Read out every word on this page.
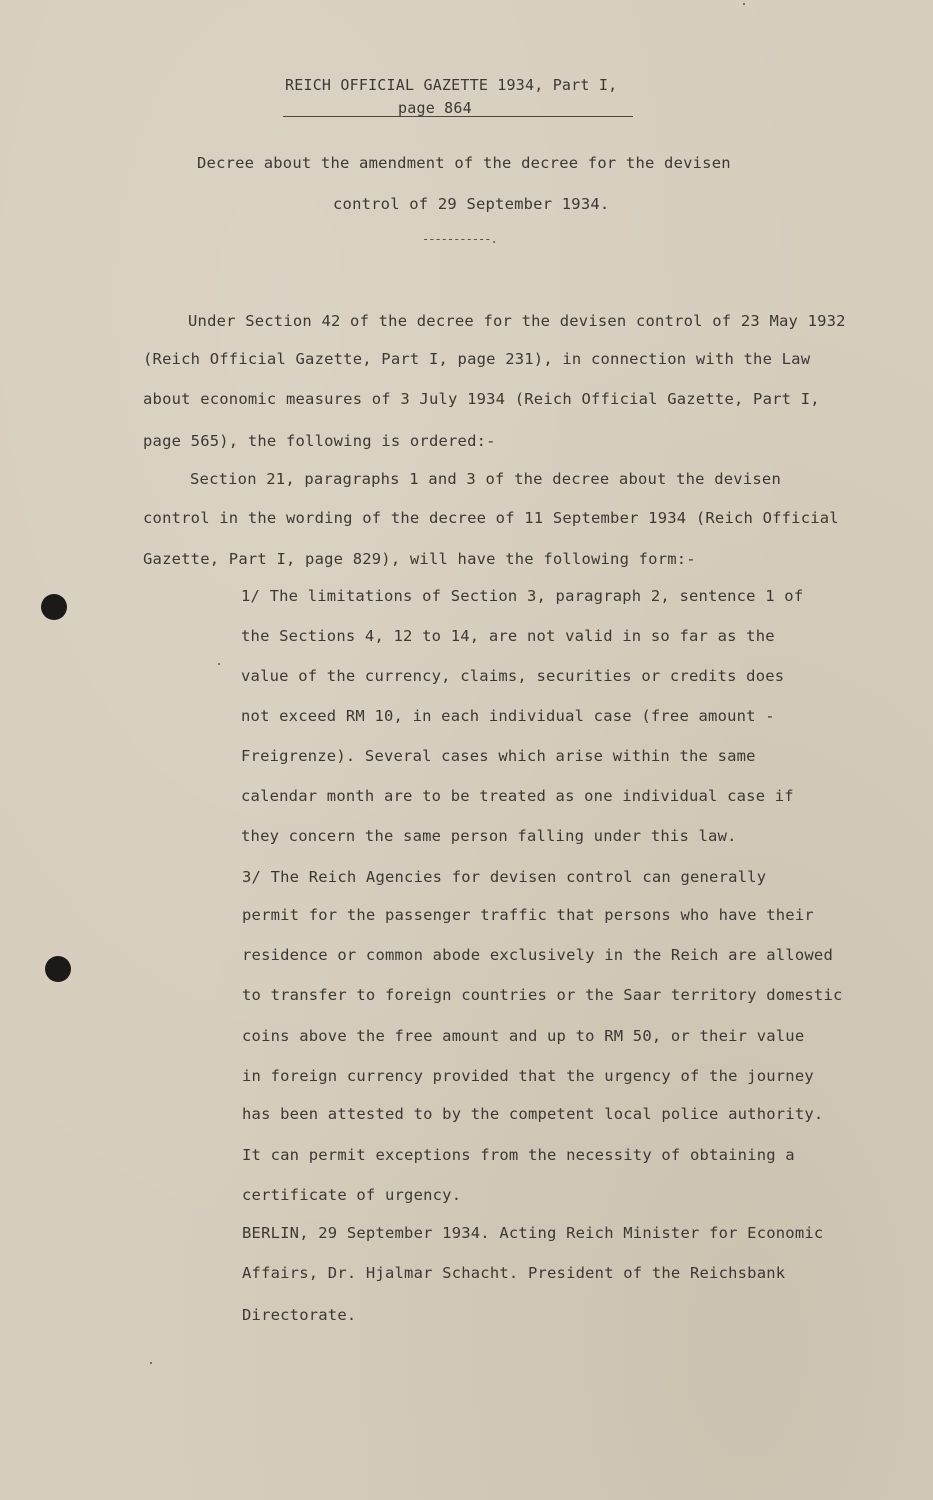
REICH OFFICIAL GAZETTE 1934, Part I,
page 864
Decree about the amendment of the decree for the devisen
control of 29 September 1934.
-----------.
Under Section 42 of the decree for the devisen control of 23 May 1932
(Reich Official Gazette, Part I, page 231), in connection with the Law
about economic measures of 3 July 1934 (Reich Official Gazette, Part I,
page 565), the following is ordered:-
Section 21, paragraphs 1 and 3 of the decree about the devisen
control in the wording of the decree of 11 September 1934 (Reich Official
Gazette, Part I, page 829), will have the following form:-
1/ The limitations of Section 3, paragraph 2, sentence 1 of
the Sections 4, 12 to 14, are not valid in so far as the
value of the currency, claims, securities or credits does
not exceed RM 10, in each individual case (free amount -
Freigrenze). Several cases which arise within the same
calendar month are to be treated as one individual case if
they concern the same person falling under this law.
3/ The Reich Agencies for devisen control can generally
permit for the passenger traffic that persons who have their
residence or common abode exclusively in the Reich are allowed
to transfer to foreign countries or the Saar territory domestic
coins above the free amount and up to RM 50, or their value
in foreign currency provided that the urgency of the journey
has been attested to by the competent local police authority.
It can permit exceptions from the necessity of obtaining a
certificate of urgency.
BERLIN, 29 September 1934. Acting Reich Minister for Economic
Affairs, Dr. Hjalmar Schacht. President of the Reichsbank
Directorate.
